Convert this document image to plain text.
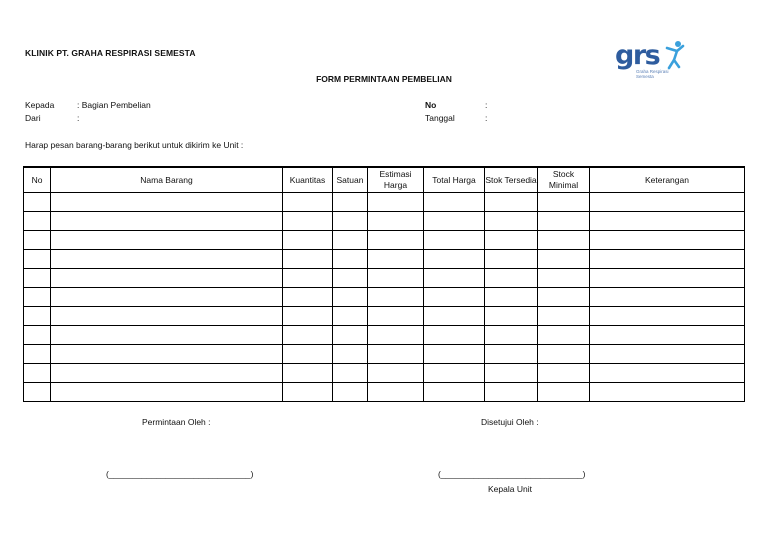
KLINIK PT. GRAHA RESPIRASI SEMESTA	grs
Graha Respirasi Semesta
FORM PERMINTAAN PEMBELIAN
Kepada	: Bagian Pembelian
Dari	:
No	:
Tanggal	:
Harap pesan barang-barang berikut untuk dikirim ke Unit :
No	Nama Barang	Kuantitas	Satuan	Estimasi Harga	Total Harga	Stok Tersedia	Stock Minimal	Keterangan

Permintaan Oleh :	Disetujui Oleh :
(______________________________)	(______________________________)
Kepala Unit
